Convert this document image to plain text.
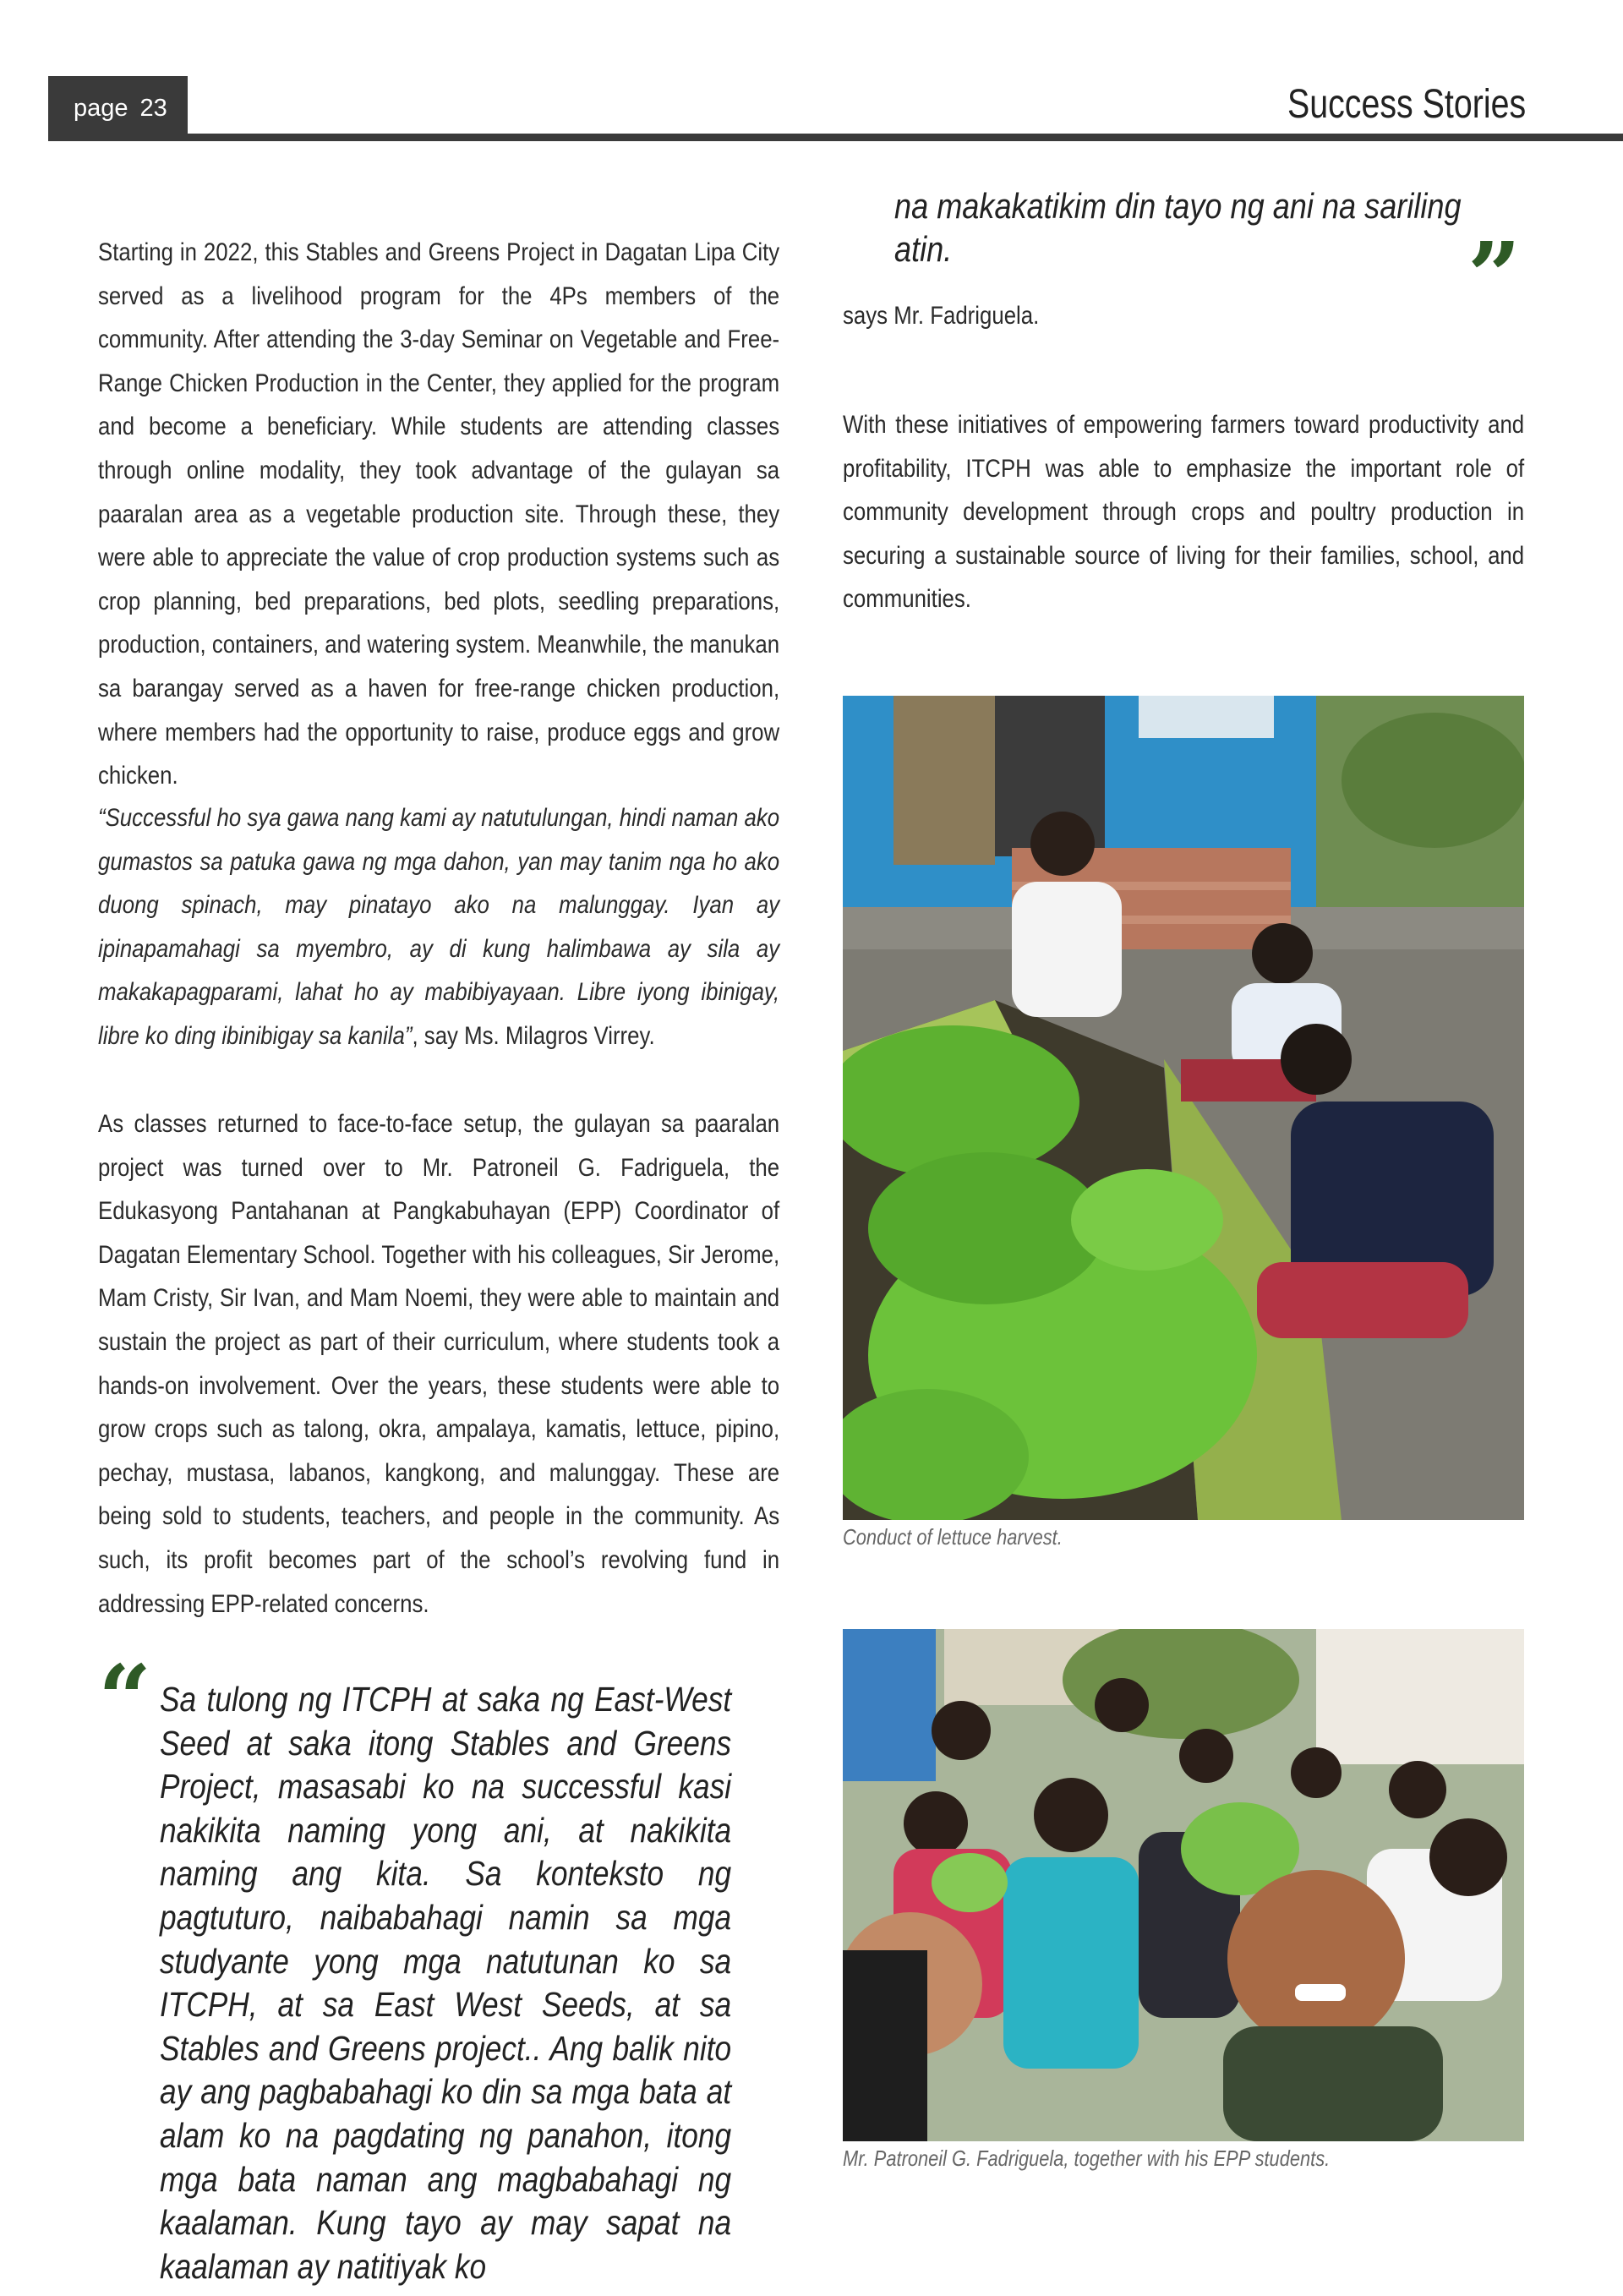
page 23	Success Stories
Starting in 2022, this Stables and Greens Project in Dagatan Lipa City served as a livelihood program for the 4Ps members of the community. After attending the 3-day Seminar on Vegetable and Free-Range Chicken Production in the Center, they applied for the program and become a beneficiary. While students are attending classes through online modality, they took advantage of the gulayan sa paaralan area as a vegetable production site. Through these, they were able to appreciate the value of crop production systems such as crop planning, bed preparations, bed plots, seedling preparations, production, containers, and watering system. Meanwhile, the manukan sa barangay served as a haven for free-range chicken production, where members had the opportunity to raise, produce eggs and grow chicken.
“Successful ho sya gawa nang kami ay natutulungan, hindi naman ako gumastos sa patuka gawa ng mga dahon, yan may tanim nga ho ako duong spinach, may pinatayo ako na malunggay. Iyan ay ipinapamahagi sa myembro, ay di kung halimbawa ay sila ay makakapagparami, lahat ho ay mabibiyayaan. Libre iyong ibinigay, libre ko ding ibinibigay sa kanila”, say Ms. Milagros Virrey.
As classes returned to face-to-face setup, the gulayan sa paaralan project was turned over to Mr. Patroneil G. Fadriguela, the Edukasyong Pantahanan at Pangkabuhayan (EPP) Coordinator of Dagatan Elementary School. Together with his colleagues, Sir Jerome, Mam Cristy, Sir Ivan, and Mam Noemi, they were able to maintain and sustain the project as part of their curriculum, where students took a hands-on involvement. Over the years, these students were able to grow crops such as talong, okra, ampalaya, kamatis, lettuce, pipino, pechay, mustasa, labanos, kangkong, and malunggay. These are being sold to students, teachers, and people in the community. As such, its profit becomes part of the school’s revolving fund in addressing EPP-related concerns.
“ Sa tulong ng ITCPH at saka ng East-West Seed at saka itong Stables and Greens Project, masasabi ko na successful kasi nakikita naming yong ani, at nakikita naming ang kita. Sa konteksto ng pagtuturo, naibabahagi namin sa mga studyante yong mga natutunan ko sa ITCPH, at sa East West Seeds, at sa Stables and Greens project.. Ang balik nito ay ang pagbabahagi ko din sa mga bata at alam ko na pagdating ng panahon, itong mga bata naman ang magbabahagi ng kaalaman. Kung tayo ay may sapat na kaalaman ay natitiyak ko
na makakatikim din tayo ng ani na sariling atin.	”
says Mr. Fadriguela.
With these initiatives of empowering farmers toward productivity and profitability, ITCPH was able to emphasize the important role of community development through crops and poultry production in securing a sustainable source of living for their families, school, and communities.
Conduct of lettuce harvest.
Mr. Patroneil G. Fadriguela, together with his EPP students.
